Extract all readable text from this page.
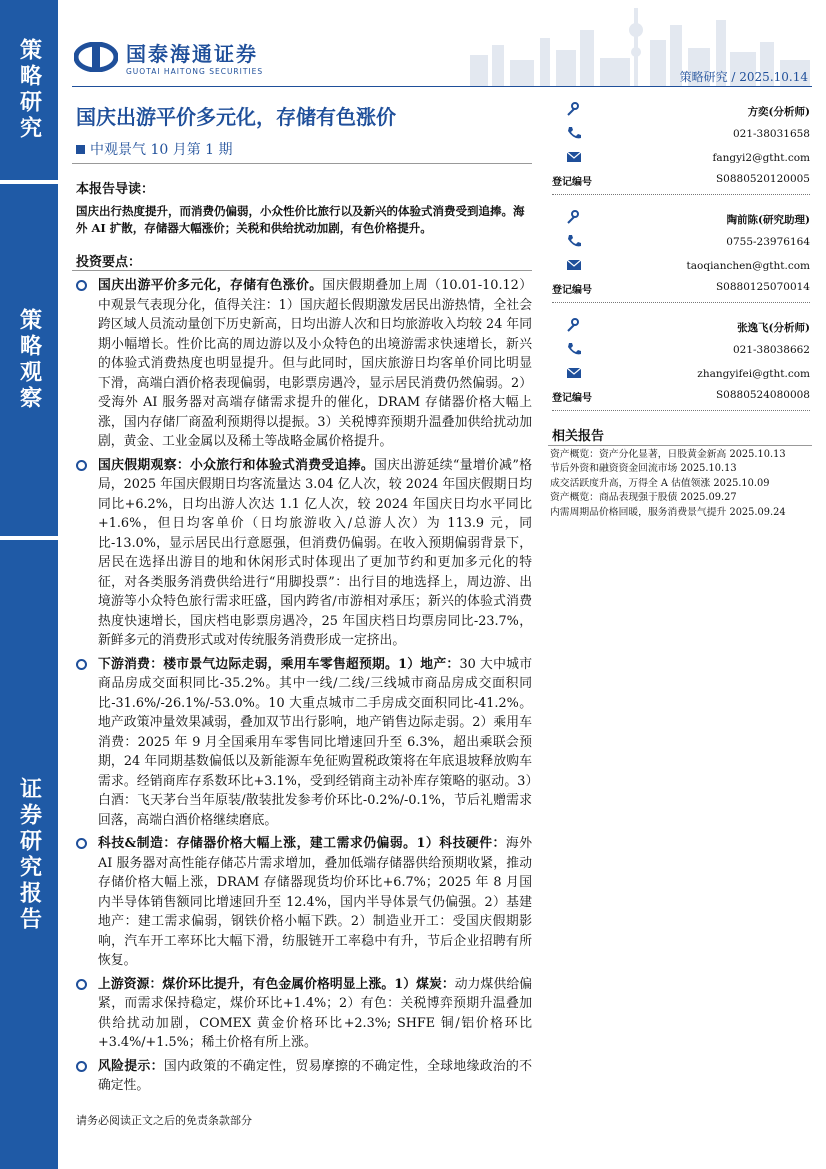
策略研究
策略观察
证券研究报告
国泰海通证券
GUOTAI HAITONG SECURITIES	策略研究 / 2025.10.14
国庆出游平价多元化，存储有色涨价
中观景气 10 月第 1 期
本报告导读：
国庆出行热度提升，而消费仍偏弱，小众性价比旅行以及新兴的体验式消费受到追捧。海外 AI 扩散，存储器大幅涨价；关税和供给扰动加剧，有色价格提升。
投资要点：
国庆出游平价多元化，存储有色涨价。国庆假期叠加上周（10.01-10.12）中观景气表现分化，值得关注：1）国庆超长假期激发居民出游热情，全社会跨区域人员流动量创下历史新高，日均出游人次和日均旅游收入均较 24 年同期小幅增长。性价比高的周边游以及小众特色的出境游需求快速增长，新兴的体验式消费热度也明显提升。但与此同时，国庆旅游日均客单价同比明显下滑，高端白酒价格表现偏弱，电影票房遇冷，显示居民消费仍然偏弱。2）受海外 AI 服务器对高端存储需求提升的催化，DRAM 存储器价格大幅上涨，国内存储厂商盈利预期得以提振。3）关税博弈预期升温叠加供给扰动加剧，黄金、工业金属以及稀土等战略金属价格提升。
国庆假期观察：小众旅行和体验式消费受追捧。国庆出游延续“量增价减”格局，2025 年国庆假期日均客流量达 3.04 亿人次，较 2024 年国庆假期日均同比+6.2%，日均出游人次达 1.1 亿人次，较 2024 年国庆日均水平同比+1.6%，但日均客单价（日均旅游收入/总游人次）为 113.9 元，同比-13.0%，显示居民出行意愿强，但消费仍偏弱。在收入预期偏弱背景下，居民在选择出游目的地和休闲形式时体现出了更加节约和更加多元化的特征，对各类服务消费供给进行“用脚投票”：出行目的地选择上，周边游、出境游等小众特色旅行需求旺盛，国内跨省/市游相对承压；新兴的体验式消费热度快速增长，国庆档电影票房遇冷，25 年国庆档日均票房同比-23.7%，新鲜多元的消费形式或对传统服务消费形成一定挤出。
下游消费：楼市景气边际走弱，乘用车零售超预期。1）地产：30 大中城市商品房成交面积同比-35.2%。其中一线/二线/三线城市商品房成交面积同比-31.6%/-26.1%/-53.0%。10 大重点城市二手房成交面积同比-41.2%。地产政策冲量效果减弱，叠加双节出行影响，地产销售边际走弱。2）乘用车消费：2025 年 9 月全国乘用车零售同比增速回升至 6.3%，超出乘联会预期，24 年同期基数偏低以及新能源车免征购置税政策将在年底退坡释放购车需求。经销商库存系数环比+3.1%，受到经销商主动补库存策略的驱动。3）白酒：飞天茅台当年原装/散装批发参考价环比-0.2%/-0.1%，节后礼赠需求回落，高端白酒价格继续磨底。
科技&制造：存储器价格大幅上涨，建工需求仍偏弱。1）科技硬件：海外 AI 服务器对高性能存储芯片需求增加，叠加低端存储器供给预期收紧，推动存储价格大幅上涨，DRAM 存储器现货均价环比+6.7%；2025 年 8 月国内半导体销售额同比增速回升至 12.4%，国内半导体景气仍偏强。2）基建地产：建工需求偏弱，钢铁价格小幅下跌。2）制造业开工：受国庆假期影响，汽车开工率环比大幅下滑，纺服链开工率稳中有升，节后企业招聘有所恢复。
上游资源：煤价环比提升，有色金属价格明显上涨。1）煤炭：动力煤供给偏紧，而需求保持稳定，煤价环比+1.4%；2）有色：关税博弈预期升温叠加供给扰动加剧，COMEX 黄金价格环比+2.3%; SHFE 铜/铝价格环比+3.4%/+1.5%；稀土价格有所上涨。
风险提示：国内政策的不确定性，贸易摩擦的不确定性，全球地缘政治的不确定性。
请务必阅读正文之后的免责条款部分
方奕(分析师)
021-38031658
fangyi2@gtht.com
登记编号	S0880520120005
陶前陈(研究助理)
0755-23976164
taoqianchen@gtht.com
登记编号	S0880125070014
张逸飞(分析师)
021-38038662
zhangyifei@gtht.com
登记编号	S0880524080008
相关报告
资产概览：资产分化显著，日股黄金新高 2025.10.13
节后外资和融资资金回流市场 2025.10.13
成交活跃度升高，万得全 A 估值领涨 2025.10.09
资产概览：商品表现强于股债 2025.09.27
内需周期品价格回暖，服务消费景气提升 2025.09.24
